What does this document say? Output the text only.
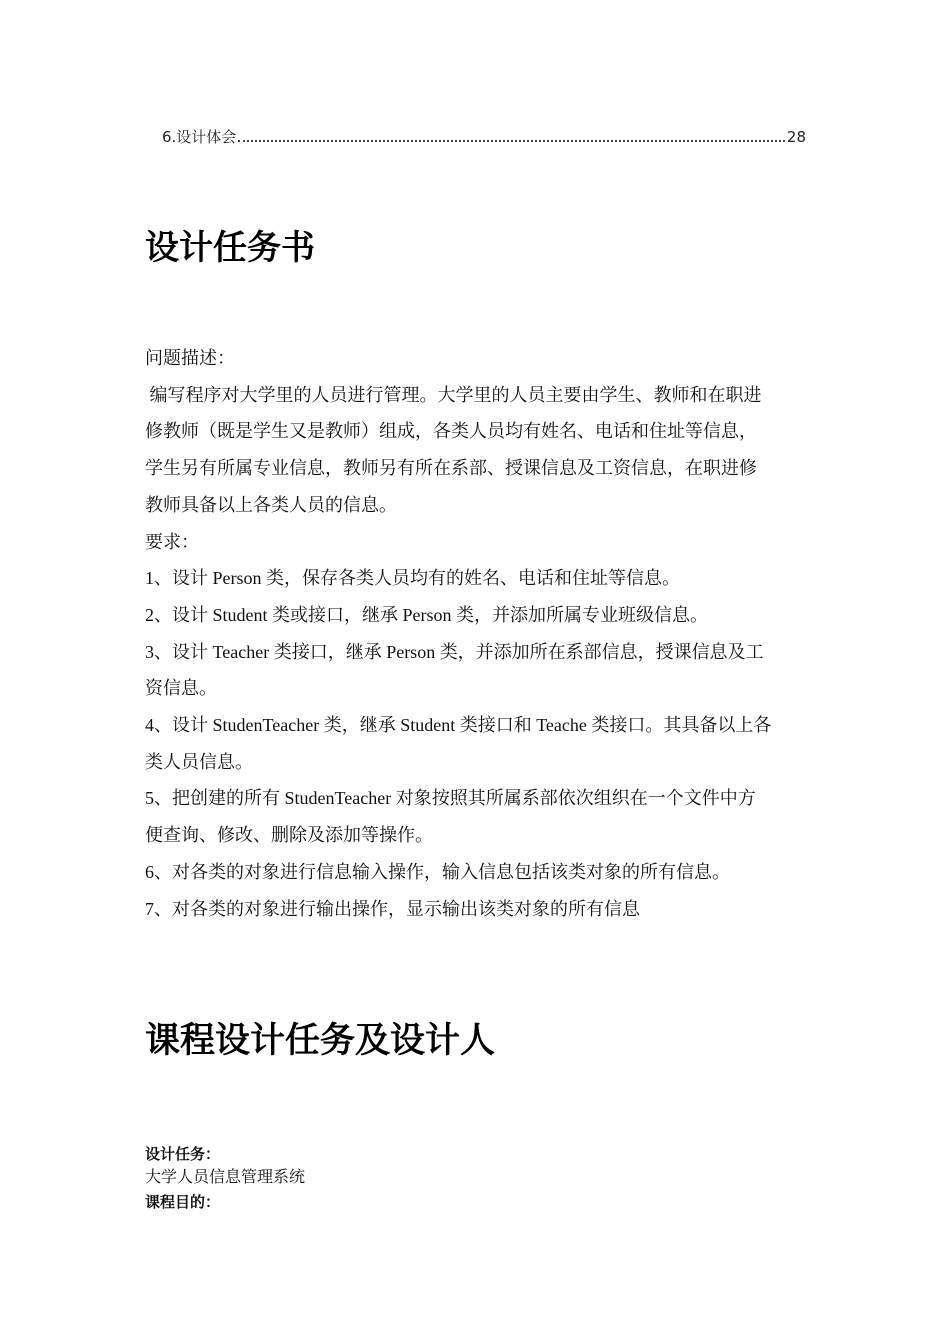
6.设计体会	28
设计任务书

问题描述：

编写程序对大学里的人员进行管理。大学里的人员主要由学生、教师和在职进

修教师（既是学生又是教师）组成，各类人员均有姓名、电话和住址等信息，

学生另有所属专业信息，教师另有所在系部、授课信息及工资信息，在职进修

教师具备以上各类人员的信息。

要求：

1、设计 Person 类，保存各类人员均有的姓名、电话和住址等信息。

2、设计 Student 类或接口，继承 Person 类，并添加所属专业班级信息。

3、设计 Teacher 类接口，继承 Person 类，并添加所在系部信息，授课信息及工

资信息。

4、设计 StudenTeacher 类，继承 Student 类接口和 Teache 类接口。其具备以上各

类人员信息。

5、把创建的所有 StudenTeacher 对象按照其所属系部依次组织在一个文件中方

便查询、修改、删除及添加等操作。

6、对各类的对象进行信息输入操作，输入信息包括该类对象的所有信息。

7、对各类的对象进行输出操作，显示输出该类对象的所有信息

课程设计任务及设计人
设计任务：
大学人员信息管理系统
课程目的：
